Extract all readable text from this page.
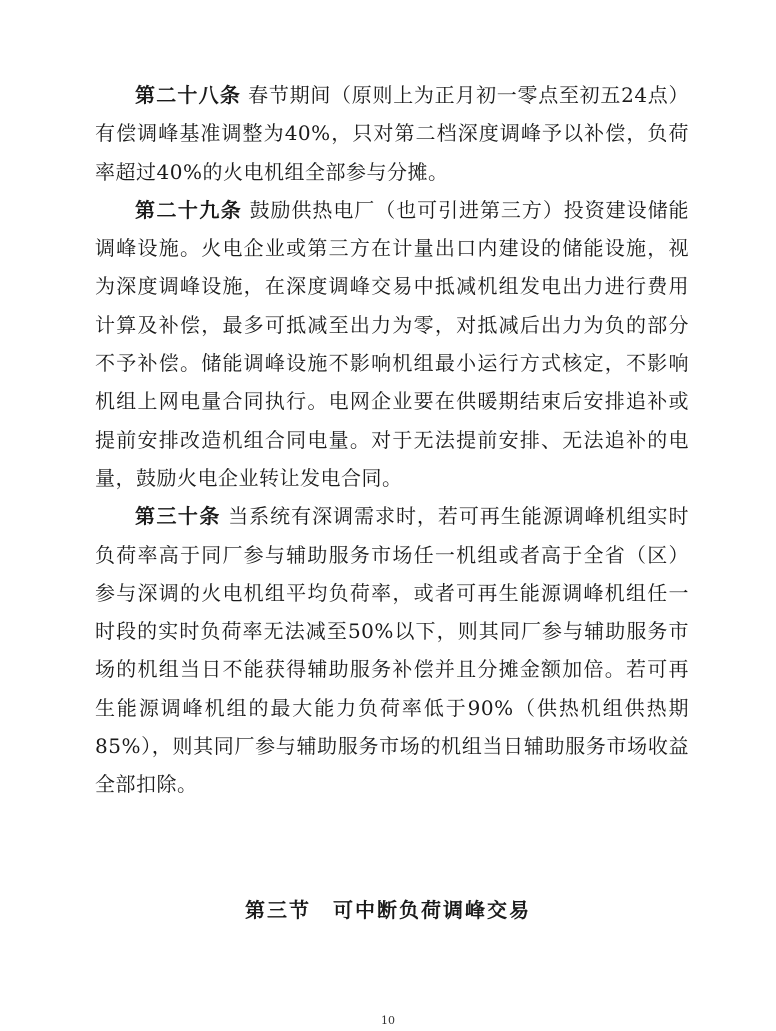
第二十八条 春节期间（原则上为正月初一零点至初五24点）有偿调峰基准调整为40%，只对第二档深度调峰予以补偿，负荷率超过40%的火电机组全部参与分摊。

第二十九条 鼓励供热电厂（也可引进第三方）投资建设储能调峰设施。火电企业或第三方在计量出口内建设的储能设施，视为深度调峰设施，在深度调峰交易中抵减机组发电出力进行费用计算及补偿，最多可抵减至出力为零，对抵减后出力为负的部分不予补偿。储能调峰设施不影响机组最小运行方式核定，不影响机组上网电量合同执行。电网企业要在供暖期结束后安排追补或提前安排改造机组合同电量。对于无法提前安排、无法追补的电量，鼓励火电企业转让发电合同。

第三十条 当系统有深调需求时，若可再生能源调峰机组实时负荷率高于同厂参与辅助服务市场任一机组或者高于全省（区）参与深调的火电机组平均负荷率，或者可再生能源调峰机组任一时段的实时负荷率无法减至50%以下，则其同厂参与辅助服务市场的机组当日不能获得辅助服务补偿并且分摊金额加倍。若可再生能源调峰机组的最大能力负荷率低于90%（供热机组供热期85%），则其同厂参与辅助服务市场的机组当日辅助服务市场收益全部扣除。

第三节　可中断负荷调峰交易
10
